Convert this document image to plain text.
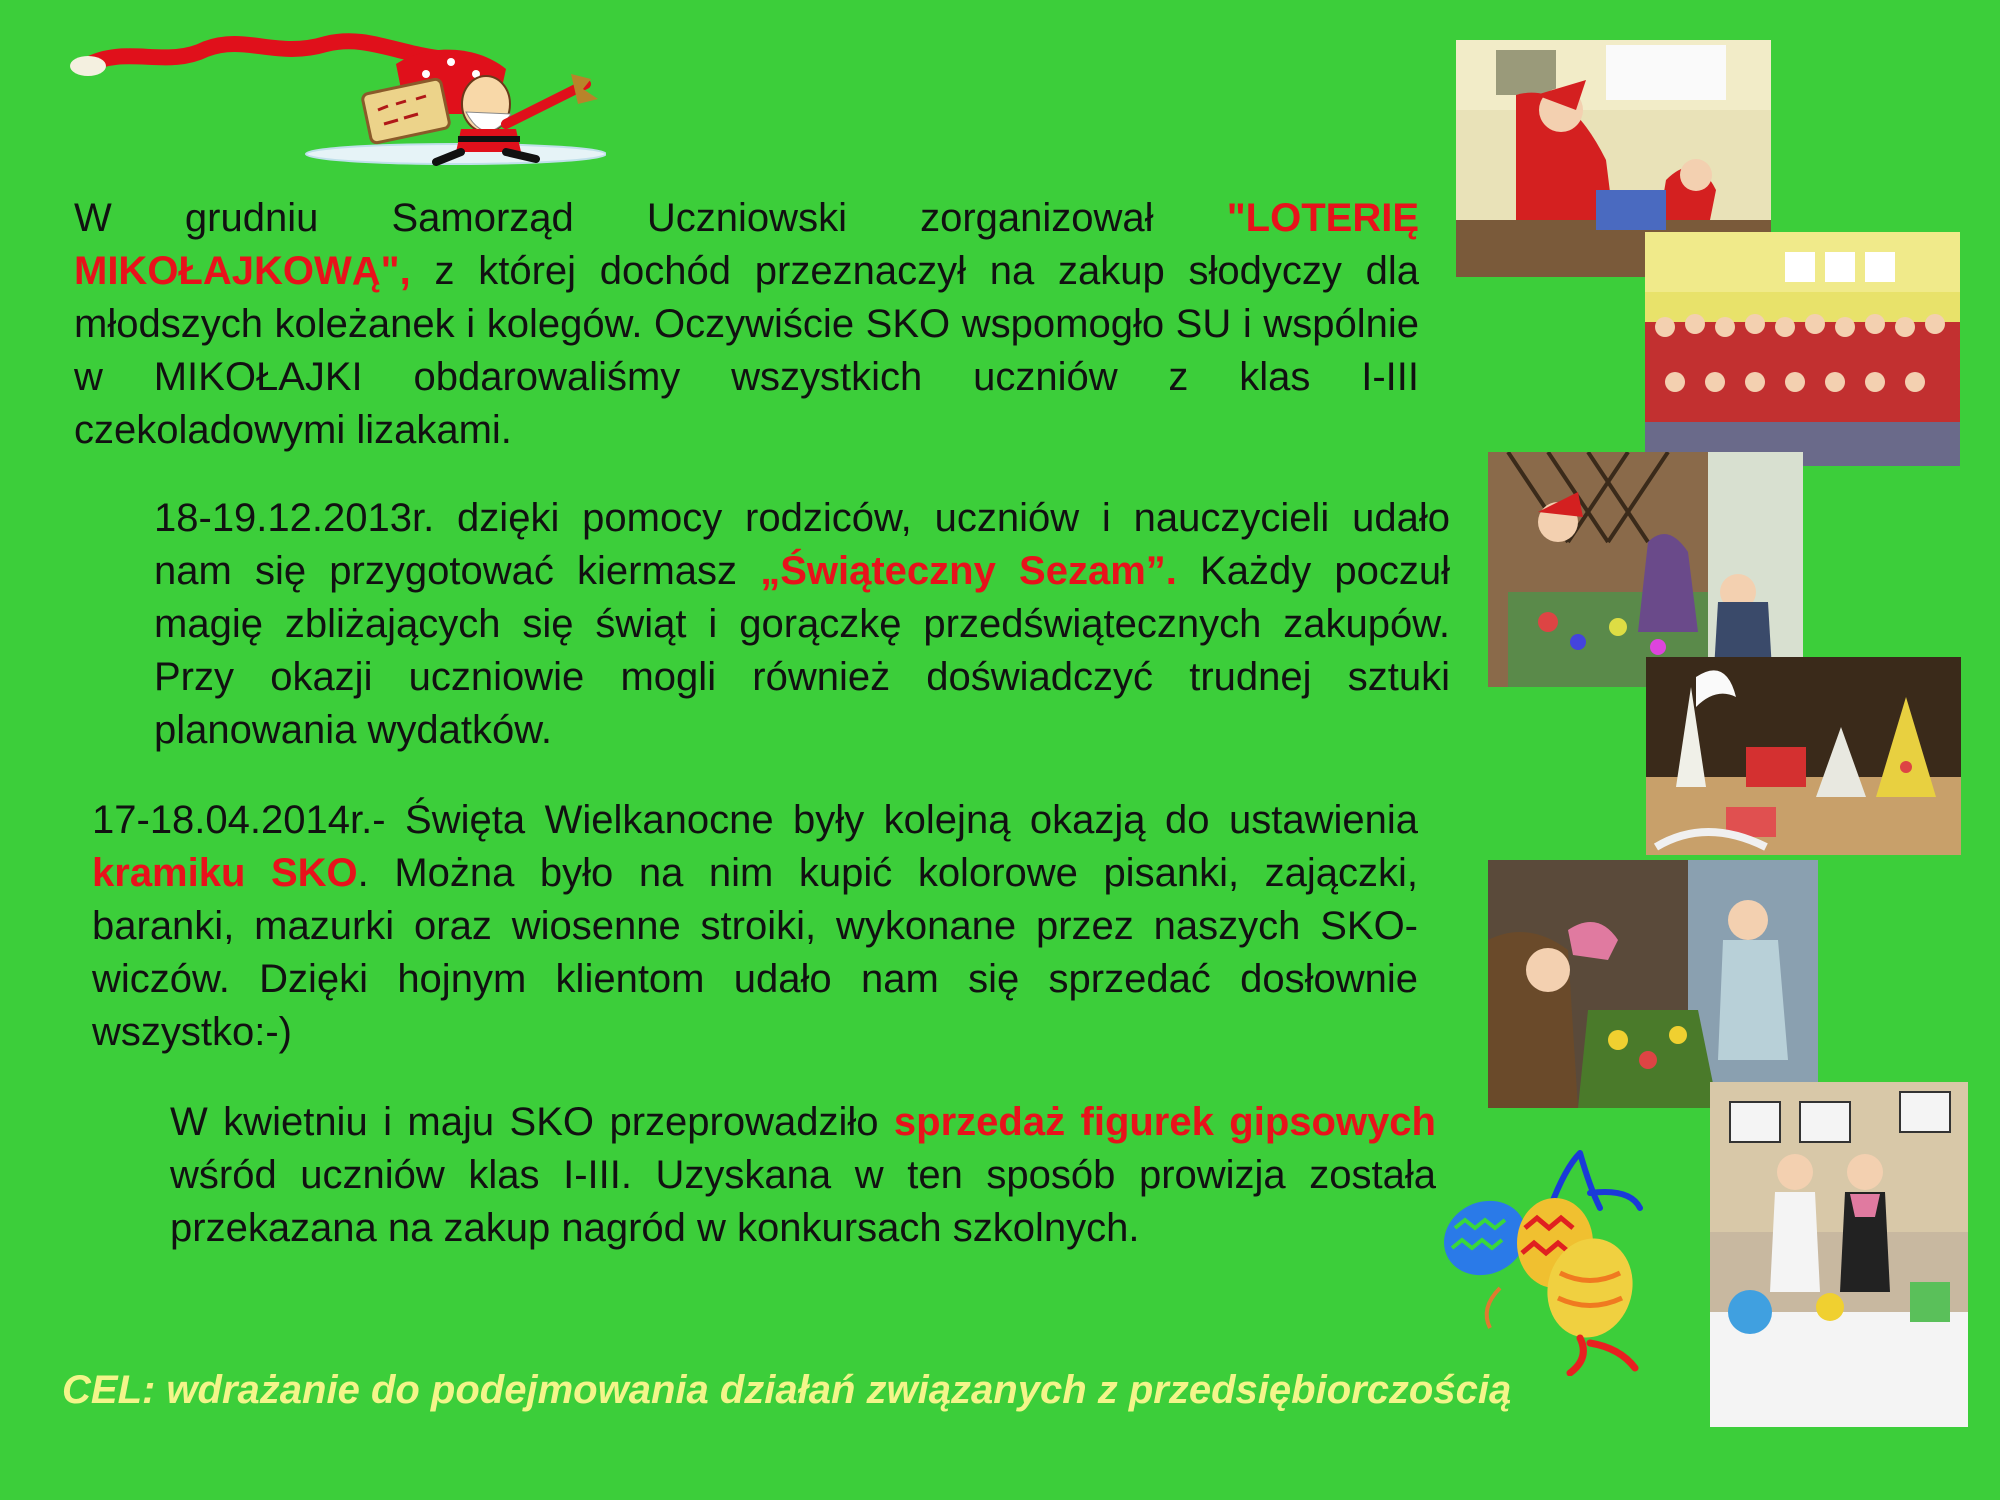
W grudniu Samorząd Uczniowski zorganizował "LOTERIĘ MIKOŁAJKOWĄ", z której dochód przeznaczył na zakup słodyczy dla młodszych koleżanek i kolegów. Oczywiście SKO wspomogło SU i wspólnie w MIKOŁAJKI obdarowaliśmy wszystkich uczniów z klas I-III czekoladowymi lizakami.
18-19.12.2013r. dzięki pomocy rodziców, uczniów i nauczycieli udało nam się przygotować kiermasz „Świąteczny Sezam”. Każdy poczuł magię zbliżających się świąt i gorączkę przedświątecznych zakupów. Przy okazji uczniowie mogli również doświadczyć trudnej sztuki planowania wydatków.
17-18.04.2014r.- Święta Wielkanocne były kolejną okazją do ustawienia kramiku SKO. Można było na nim kupić kolorowe pisanki, zajączki, baranki, mazurki oraz wiosenne stroiki, wykonane przez naszych SKO-wiczów. Dzięki hojnym klientom udało nam się sprzedać dosłownie wszystko:-)
W kwietniu i maju SKO przeprowadziło sprzedaż figurek gipsowych wśród uczniów klas I-III. Uzyskana w ten sposób prowizja została przekazana na zakup nagród w konkursach szkolnych.
CEL: wdrażanie do podejmowania działań związanych z przedsiębiorczością
